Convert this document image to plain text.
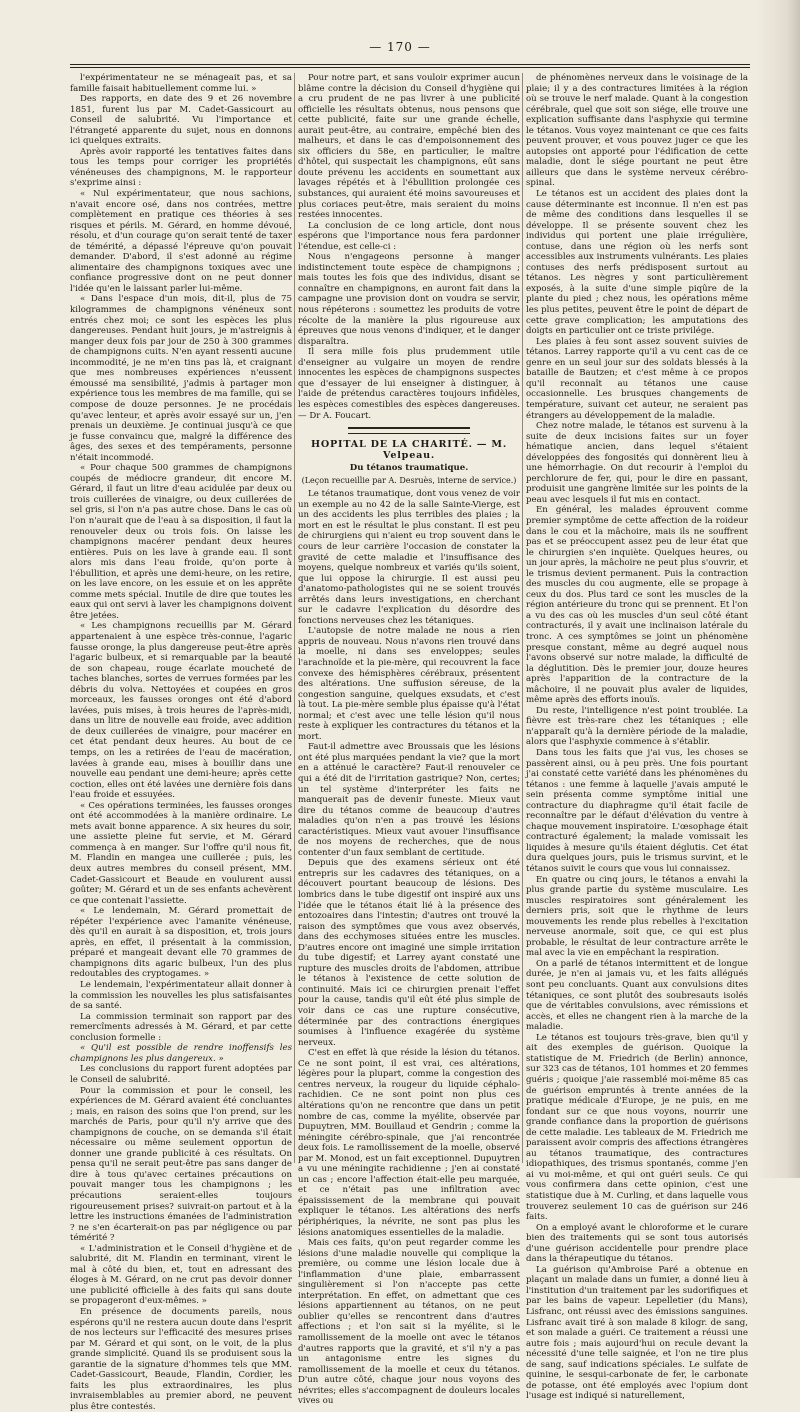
— 170 —

l'expérimentateur ne se ménageait pas, et sa famille faisait habituellement comme lui. »

Des rapports, en date des 9 et 26 novembre 1851, furent lus par M. Cadet-Gassicourt au Conseil de salubrité. Vu l'importance et l'étrangeté apparente du sujet, nous en donnons ici quelques extraits.

Après avoir rapporté les tentatives faites dans tous les temps pour corriger les propriétés vénéneuses des champignons, M. le rapporteur s'exprime ainsi :

« Nul expérimentateur, que nous sachions, n'avait encore osé, dans nos contrées, mettre complètement en pratique ces théories à ses risques et périls. M. Gérard, en homme dévoué, résolu, et d'un courage qu'on serait tenté de taxer de témérité, a dépassé l'épreuve qu'on pouvait demander. D'abord, il s'est adonné au régime alimentaire des champignons toxiques avec une confiance progressive dont on ne peut donner l'idée qu'en le laissant parler lui-même.

« Dans l'espace d'un mois, dit-il, plus de 75 kilogrammes de champignons vénéneux sont entrés chez moi; ce sont les espèces les plus dangereuses. Pendant huit jours, je m'astreignis à manger deux fois par jour de 250 à 300 grammes de champignons cuits. N'en ayant ressenti aucune incommodité, je ne m'en tins pas là, et craignant que mes nombreuses expériences n'eussent émoussé ma sensibilité, j'admis à partager mon expérience tous les membres de ma famille, qui se compose de douze personnes. Je ne procédais qu'avec lenteur, et après avoir essayé sur un, j'en prenais un deuxième. Je continuai jusqu'à ce que je fusse convaincu que, malgré la différence des âges, des sexes et des tempéraments, personne n'était incommodé.

« Pour chaque 500 grammes de champignons coupés de médiocre grandeur, dit encore M. Gérard, il faut un litre d'eau acidulée par deux ou trois cuillerées de vinaigre, ou deux cuillerées de sel gris, si l'on n'a pas autre chose. Dans le cas où l'on n'aurait que de l'eau à sa disposition, il faut la renouveler deux ou trois fois. On laisse les champignons macérer pendant deux heures entières. Puis on les lave à grande eau. Il sont alors mis dans l'eau froide, qu'on porte à l'ébullition, et après une demi-heure, on les retire, on les lave encore, on les essuie et on les apprête comme mets spécial. Inutile de dire que toutes les eaux qui ont servi à laver les champignons doivent être jetées.

« Les champignons recueillis par M. Gérard appartenaient à une espèce très-connue, l'agaric fausse oronge, la plus dangereuse peut-être après l'agaric bulbeux, et si remarquable par la beauté de son chapeau, rouge écarlate moucheté de taches blanches, sortes de verrues formées par les débris du volva. Nettoyées et coupées en gros morceaux, les fausses oronges ont été d'abord lavées, puis mises, à trois heures de l'après-midi, dans un litre de nouvelle eau froide, avec addition de deux cuillerées de vinaigre, pour macérer en cet état pendant deux heures. Au bout de ce temps, on les a retirées de l'eau de macération, lavées à grande eau, mises à bouillir dans une nouvelle eau pendant une demi-heure; après cette coction, elles ont été lavées une dernière fois dans l'eau froide et essuyées.

« Ces opérations terminées, les fausses oronges ont été accommodées à la manière ordinaire. Le mets avait bonne apparence. A six heures du soir, une assiette pleine fut servie, et M. Gérard commença à en manger. Sur l'offre qu'il nous fit, M. Flandin en mangea une cuillerée ; puis, les deux autres membres du conseil présent, MM. Cadet-Gassicourt et Beaude en voulurent aussi goûter; M. Gérard et un de ses enfants achevèrent ce que contenait l'assiette.

« Le lendemain, M. Gérard promettait de répéter l'expérience avec l'amanite vénéneuse, dès qu'il en aurait à sa disposition, et, trois jours après, en effet, il présentait à la commission, préparé et mangeait devant elle 70 grammes de champignons dits agaric bulbeux, l'un des plus redoutables des cryptogames. »

Le lendemain, l'expérimentateur allait donner à la commission les nouvelles les plus satisfaisantes de sa santé.

La commission terminait son rapport par des remercîments adressés à M. Gérard, et par cette conclusion formelle :

« Qu'il est possible de rendre inoffensifs les champignons les plus dangereux. »

Les conclusions du rapport furent adoptées par le Conseil de salubrité.

Pour la commission et pour le conseil, les expériences de M. Gérard avaient été concluantes ; mais, en raison des soins que l'on prend, sur les marchés de Paris, pour qu'il n'y arrive que des champignons de couche, on se demanda s'il était nécessaire ou même seulement opportun de donner une grande publicité à ces résultats. On pensa qu'il ne serait peut-être pas sans danger de dire à tous qu'avec certaines précautions on pouvait manger tous les champignons ; les précautions seraient-elles toujours rigoureusement prises? suivrait-on partout et à la lettre les instructions émanées de l'administration ? ne s'en écarterait-on pas par négligence ou par témérité ?

« L'administration et le Conseil d'hygiène et de salubrité, dit M. Flandin en terminant, virent le mal à côté du bien, et, tout en adressant des éloges à M. Gérard, on ne crut pas devoir donner une publicité officielle à des faits qui sans doute se propageront d'eux-mêmes. »

En présence de documents pareils, nous espérons qu'il ne restera aucun doute dans l'esprit de nos lecteurs sur l'efficacité des mesures prises par M. Gérard et qui sont, on le voit, de la plus grande simplicité. Quand ils se produisent sous la garantie de la signature d'hommes tels que MM. Cadet-Gassicourt, Beaude, Flandin, Cordier, les faits les plus extraordinaires, les plus invraisemblables au premier abord, ne peuvent plus être contestés.

Pour notre part, et sans vouloir exprimer aucun blâme contre la décision du Conseil d'hygiène qui a cru prudent de ne pas livrer à une publicité officielle les résultats obtenus, nous pensons que cette publicité, faite sur une grande échelle, aurait peut-être, au contraire, empêché bien des malheurs, et dans le cas d'empoisonnement des six officiers du 58e, en particulier, le maître d'hôtel, qui suspectait les champignons, eût sans doute prévenu les accidents en soumettant aux lavages répétés et à l'ébullition prolongée ces substances, qui auraient été moins savoureuses et plus coriaces peut-être, mais seraient du moins restées innocentes.

La conclusion de ce long article, dont nous espérons que l'importance nous fera pardonner l'étendue, est celle-ci :

Nous n'engageons personne à manger indistinctement toute espèce de champignons ; mais toutes les fois que des individus, disant se connaître en champignons, en auront fait dans la campagne une provision dont on voudra se servir, nous répéterons : soumettez les produits de votre récolte de la manière la plus rigoureuse aux épreuves que nous venons d'indiquer, et le danger disparaîtra.

Il sera mille fois plus prudemment utile d'enseigner au vulgaire un moyen de rendre innocentes les espèces de champignons suspectes que d'essayer de lui enseigner à distinguer, à l'aide de prétendus caractères toujours infidèles, les espèces comestibles des espèces dangereuses. — Dr A. Foucart.

HOPITAL DE LA CHARITÉ. — M. Velpeau.
Du tétanos traumatique.
(Leçon recueillie par A. Desruès, interne de service.)

Le tétanos traumatique, dont vous venez de voir un exemple au no 42 de la salle Sainte-Vierge, est un des accidents les plus terribles des plaies ; la mort en est le résultat le plus constant. Il est peu de chirurgiens qui n'aient eu trop souvent dans le cours de leur carrière l'occasion de constater la gravité de cette maladie et l'insuffisance des moyens, quelque nombreux et variés qu'ils soient, que lui oppose la chirurgie. Il est aussi peu d'anatomo-pathologistes qui ne se soient trouvés arrêtés dans leurs investigations, en cherchant sur le cadavre l'explication du désordre des fonctions nerveuses chez les tétaniques.

L'autopsie de notre malade ne nous a rien appris de nouveau. Nous n'avons rien trouvé dans la moelle, ni dans ses enveloppes; seules l'arachnoïde et la pie-mère, qui recouvrent la face convexe des hémisphères cérébraux, présentent des altérations. Une suffusion séreuse, de la congestion sanguine, quelques exsudats, et c'est là tout. La pie-mère semble plus épaisse qu'à l'état normal; et c'est avec une telle lésion qu'il nous reste à expliquer les contractures du tétanos et la mort.

Faut-il admettre avec Broussais que les lésions ont été plus marquées pendant la vie? que la mort en a atténué le caractère? Faut-il renouveler ce qui a été dit de l'irritation gastrique? Non, certes; un tel système d'interpréter les faits ne manquerait pas de devenir funeste. Mieux vaut dire du tétanos comme de beaucoup d'autres maladies qu'on n'en a pas trouvé les lésions caractéristiques. Mieux vaut avouer l'insuffisance de nos moyens de recherches, que de nous contenter d'un faux semblant de certitude.

Depuis que des examens sérieux ont été entrepris sur les cadavres des tétaniques, on a découvert pourtant beaucoup de lésions. Des lombrics dans le tube digestif ont inspiré aux uns l'idée que le tétanos était lié à la présence des entozoaires dans l'intestin; d'autres ont trouvé la raison des symptômes que vous avez observés, dans des ecchymoses situées entre les muscles. D'autres encore ont imaginé une simple irritation du tube digestif; et Larrey ayant constaté une rupture des muscles droits de l'abdomen, attribue le tétanos à l'existence de cette solution de continuité. Mais ici ce chirurgien prenait l'effet pour la cause, tandis qu'il eût été plus simple de voir dans ce cas une rupture consécutive, déterminée par des contractions énergiques soumises à l'influence exagérée du système nerveux.

C'est en effet là que réside la lésion du tétanos. Ce ne sont point, il est vrai, ces altérations, légères pour la plupart, comme la congestion des centres nerveux, la rougeur du liquide céphalo-rachidien. Ce ne sont point non plus ces altérations qu'on ne rencontre que dans un petit nombre de cas, comme la myélite, observée par Dupuytren, MM. Bouillaud et Gendrin ; comme la méningite cérébro-spinale, que j'ai rencontrée deux fois. Le ramollissement de la moelle, observé par M. Monod, est un fait exceptionnel. Dupuytren a vu une méningite rachidienne ; j'en ai constaté un cas ; encore l'affection était-elle peu marquée, et ce n'était pas une infiltration avec épaississement de la membrane qui pouvait expliquer le tétanos. Les altérations des nerfs périphériques, la névrite, ne sont pas plus les lésions anatomiques essentielles de la maladie.

Mais ces faits, qu'on peut regarder comme les lésions d'une maladie nouvelle qui complique la première, ou comme une lésion locale due à l'inflammation d'une plaie, embarrassent singulièrement si l'on n'accepte pas cette interprétation. En effet, on admettant que ces lésions appartiennent au tétanos, on ne peut oublier qu'elles se rencontrent dans d'autres affections ; et l'on sait si la myélite, si le ramollissement de la moelle ont avec le tétanos d'autres rapports que la gravité, et s'il n'y a pas un antagonisme entre les signes du ramollissement de la moelle et ceux du tétanos. D'un autre côté, chaque jour nous voyons des névrites; elles s'accompagnent de douleurs locales vives ou

de phénomènes nerveux dans le voisinage de la plaie; il y a des contractures limitées à la région où se trouve le nerf malade. Quant à la congestion cérébrale, quel que soit son siége, elle trouve une explication suffisante dans l'asphyxie qui termine le tétanos. Vous voyez maintenant ce que ces faits peuvent prouver, et vous pouvez juger ce que les autopsies ont apporté pour l'édification de cette maladie, dont le siége pourtant ne peut être ailleurs que dans le système nerveux cérébro-spinal.

Le tétanos est un accident des plaies dont la cause déterminante est inconnue. Il n'en est pas de même des conditions dans lesquelles il se développe. Il se présente souvent chez les individus qui portent une plaie irrégulière, contuse, dans une région où les nerfs sont accessibles aux instruments vulnérants. Les plaies contuses des nerfs prédisposent surtout au tétanos. Les nègres y sont particulièrement exposés, à la suite d'une simple piqûre de la plante du pied ; chez nous, les opérations même les plus petites, peuvent être le point de départ de cette grave complication; les amputations des doigts en particulier ont ce triste privilége.

Les plaies à feu sont assez souvent suivies de tétanos. Larrey rapporte qu'il a vu cent cas de ce genre en un seul jour sur des soldats blessés à la bataille de Bautzen; et c'est même à ce propos qu'il reconnaît au tétanos une cause occasionnelle. Les brusques changements de température, suivant cet auteur, ne seraient pas étrangers au développement de la maladie.

Chez notre malade, le tétanos est survenu à la suite de deux incisions faites sur un foyer hématique ancien, dans lequel s'étaient développées des fongosités qui donnèrent lieu à une hémorrhagie. On dut recourir à l'emploi du perchlorure de fer, qui, pour le dire en passant, produisit une gangrène limitée sur les points de la peau avec lesquels il fut mis en contact.

En général, les malades éprouvent comme premier symptôme de cette affection de la roideur dans le cou et la mâchoire, mais ils ne souffrent pas et se préoccupent assez peu de leur état que le chirurgien s'en inquiète. Quelques heures, ou un jour après, la mâchoire ne peut plus s'ouvrir, et le trismus devient permanent. Puis la contraction des muscles du cou augmente, elle se propage à ceux du dos. Plus tard ce sont les muscles de la région antérieure du tronc qui se prennent. Et l'on a vu des cas où les muscles d'un seul côté étant contracturés, il y avait une inclinaison latérale du tronc. A ces symptômes se joint un phénomène presque constant, même au degré auquel nous l'avons observé sur notre malade, la difficulté de la déglutition. Dès le premier jour, douze heures après l'apparition de la contracture de la mâchoire, il ne pouvait plus avaler de liquides, même après des efforts inouïs.

Du reste, l'intelligence n'est point troublée. La fièvre est très-rare chez les tétaniques ; elle n'apparaît qu'à la dernière période de la maladie, alors que l'asphyxie commence à s'établir.

Dans tous les faits que j'ai vus, les choses se passèrent ainsi, ou à peu près. Une fois pourtant j'ai constaté cette variété dans les phénomènes du tétanos : une femme à laquelle j'avais amputé le sein présenta comme symptôme initial une contracture du diaphragme qu'il était facile de reconnaître par le défaut d'élévation du ventre à chaque mouvement inspiratoire. L'œsophage était contracturé également; la malade vomissait les liquides à mesure qu'ils étaient déglutis. Cet état dura quelques jours, puis le trismus survint, et le tétanos suivit le cours que vous lui connaissez.

En quatre ou cinq jours, le tétanos a envahi la plus grande partie du système musculaire. Les muscles respiratoires sont généralement les derniers pris, soit que le rhythme de leurs mouvements les rende plus rebelles à l'excitation nerveuse anormale, soit que, ce qui est plus probable, le résultat de leur contracture arrête le mal avec la vie en empêchant la respiration.

On a parlé de tétanos intermittent et de longue durée, je n'en ai jamais vu, et les faits allégués sont peu concluants. Quant aux convulsions dites tétaniques, ce sont plutôt des soubresauts isolés que de véritables convulsions, avec rémissions et accès, et elles ne changent rien à la marche de la maladie.

Le tétanos est toujours très-grave, bien qu'il y ait des exemples de guérison. Quoique la statistique de M. Friedrich (de Berlin) annonce, sur 323 cas de tétanos, 101 hommes et 20 femmes guéris ; quoique j'aie rassemblé moi-même 85 cas de guérison empruntés à trente années de la pratique médicale d'Europe, je ne puis, en me fondant sur ce que nous voyons, nourrir une grande confiance dans la proportion de guérisons de cette maladie. Les tableaux de M. Friedrich me paraissent avoir compris des affections étrangères au tétanos traumatique, des contractures idiopathiques, des trismus spontanés, comme j'en ai vu moi-même, et qui ont guéri seuls. Ce qui vous confirmera dans cette opinion, c'est une statistique due à M. Curling, et dans laquelle vous trouverez seulement 10 cas de guérison sur 246 faits.

On a employé avant le chloroforme et le curare bien des traitements qui se sont tous autorisés d'une guérison accidentelle pour prendre place dans la thérapeutique du tétanos.

La guérison qu'Ambroise Paré a obtenue en plaçant un malade dans un fumier, a donné lieu à l'institution d'un traitement par les sudorifiques et par les bains de vapeur. Lepelletier (du Mans), Lisfranc, ont réussi avec des émissions sanguines. Lisfranc avait tiré à son malade 8 kilogr. de sang, et son malade a guéri. Ce traitement a réussi une autre fois ; mais aujourd'hui on recule devant la nécessité d'une telle saignée, et l'on ne tire plus de sang, sauf indications spéciales. Le sulfate de quinine, le sesqui-carbonate de fer, le carbonate de potasse, ont été employés avec l'opium dont l'usage est indiqué si naturellement,
